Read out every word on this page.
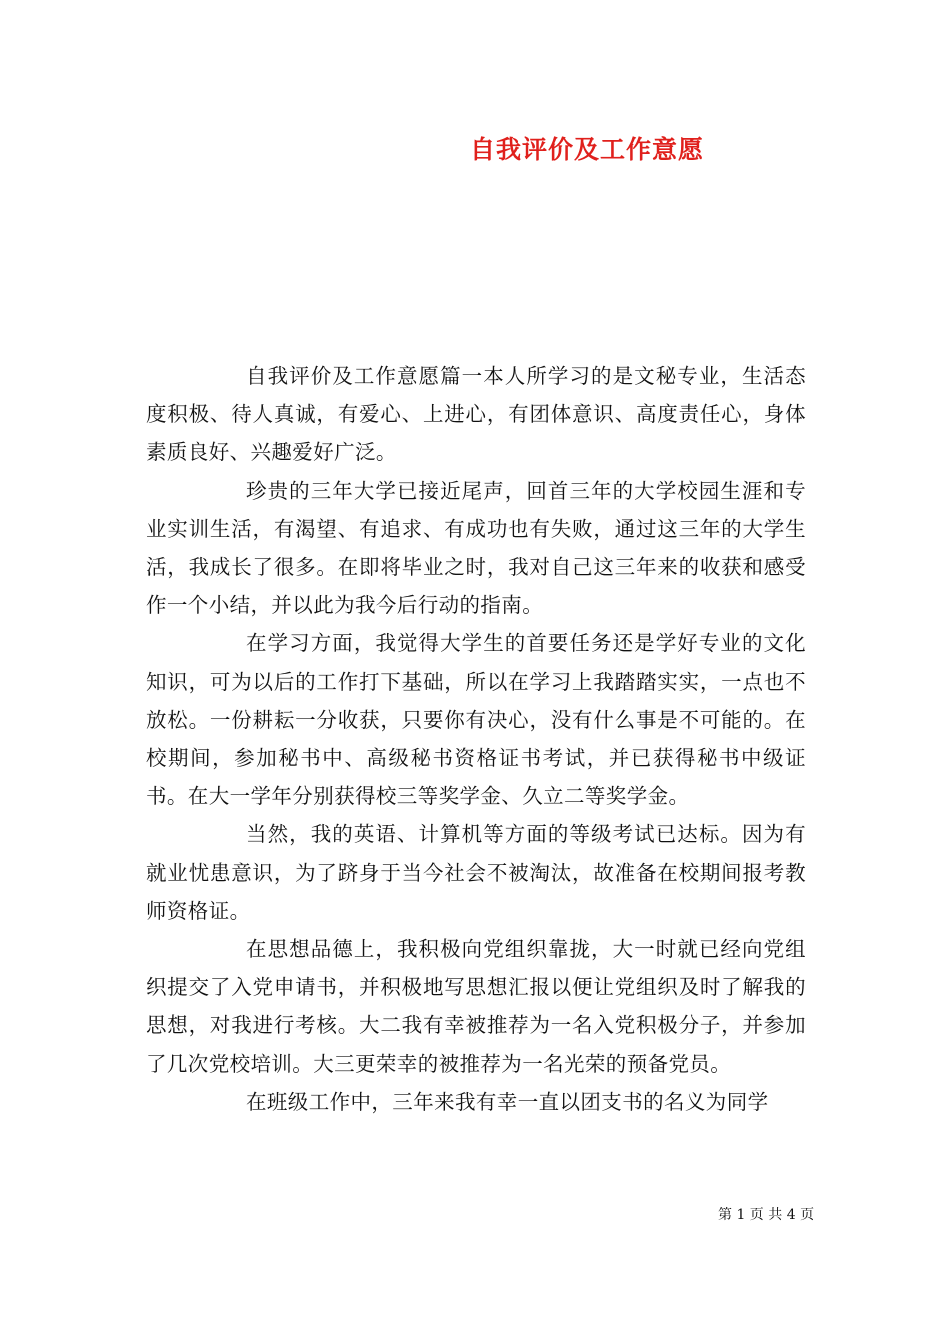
自我评价及工作意愿

自我评价及工作意愿篇一本人所学习的是文秘专业，生活态度积极、待人真诚，有爱心、上进心，有团体意识、高度责任心，身体素质良好、兴趣爱好广泛。

珍贵的三年大学已接近尾声，回首三年的大学校园生涯和专业实训生活，有渴望、有追求、有成功也有失败，通过这三年的大学生活，我成长了很多。在即将毕业之时，我对自己这三年来的收获和感受作一个小结，并以此为我今后行动的指南。

在学习方面，我觉得大学生的首要任务还是学好专业的文化知识，可为以后的工作打下基础，所以在学习上我踏踏实实，一点也不放松。一份耕耘一分收获，只要你有决心，没有什么事是不可能的。在校期间，参加秘书中、高级秘书资格证书考试，并已获得秘书中级证书。在大一学年分别获得校三等奖学金、久立二等奖学金。

当然，我的英语、计算机等方面的等级考试已达标。因为有就业忧患意识，为了跻身于当今社会不被淘汰，故准备在校期间报考教师资格证。

在思想品德上，我积极向党组织靠拢，大一时就已经向党组织提交了入党申请书，并积极地写思想汇报以便让党组织及时了解我的思想，对我进行考核。大二我有幸被推荐为一名入党积极分子，并参加了几次党校培训。大三更荣幸的被推荐为一名光荣的预备党员。

在班级工作中，三年来我有幸一直以团支书的名义为同学

第 1 页 共 4 页
